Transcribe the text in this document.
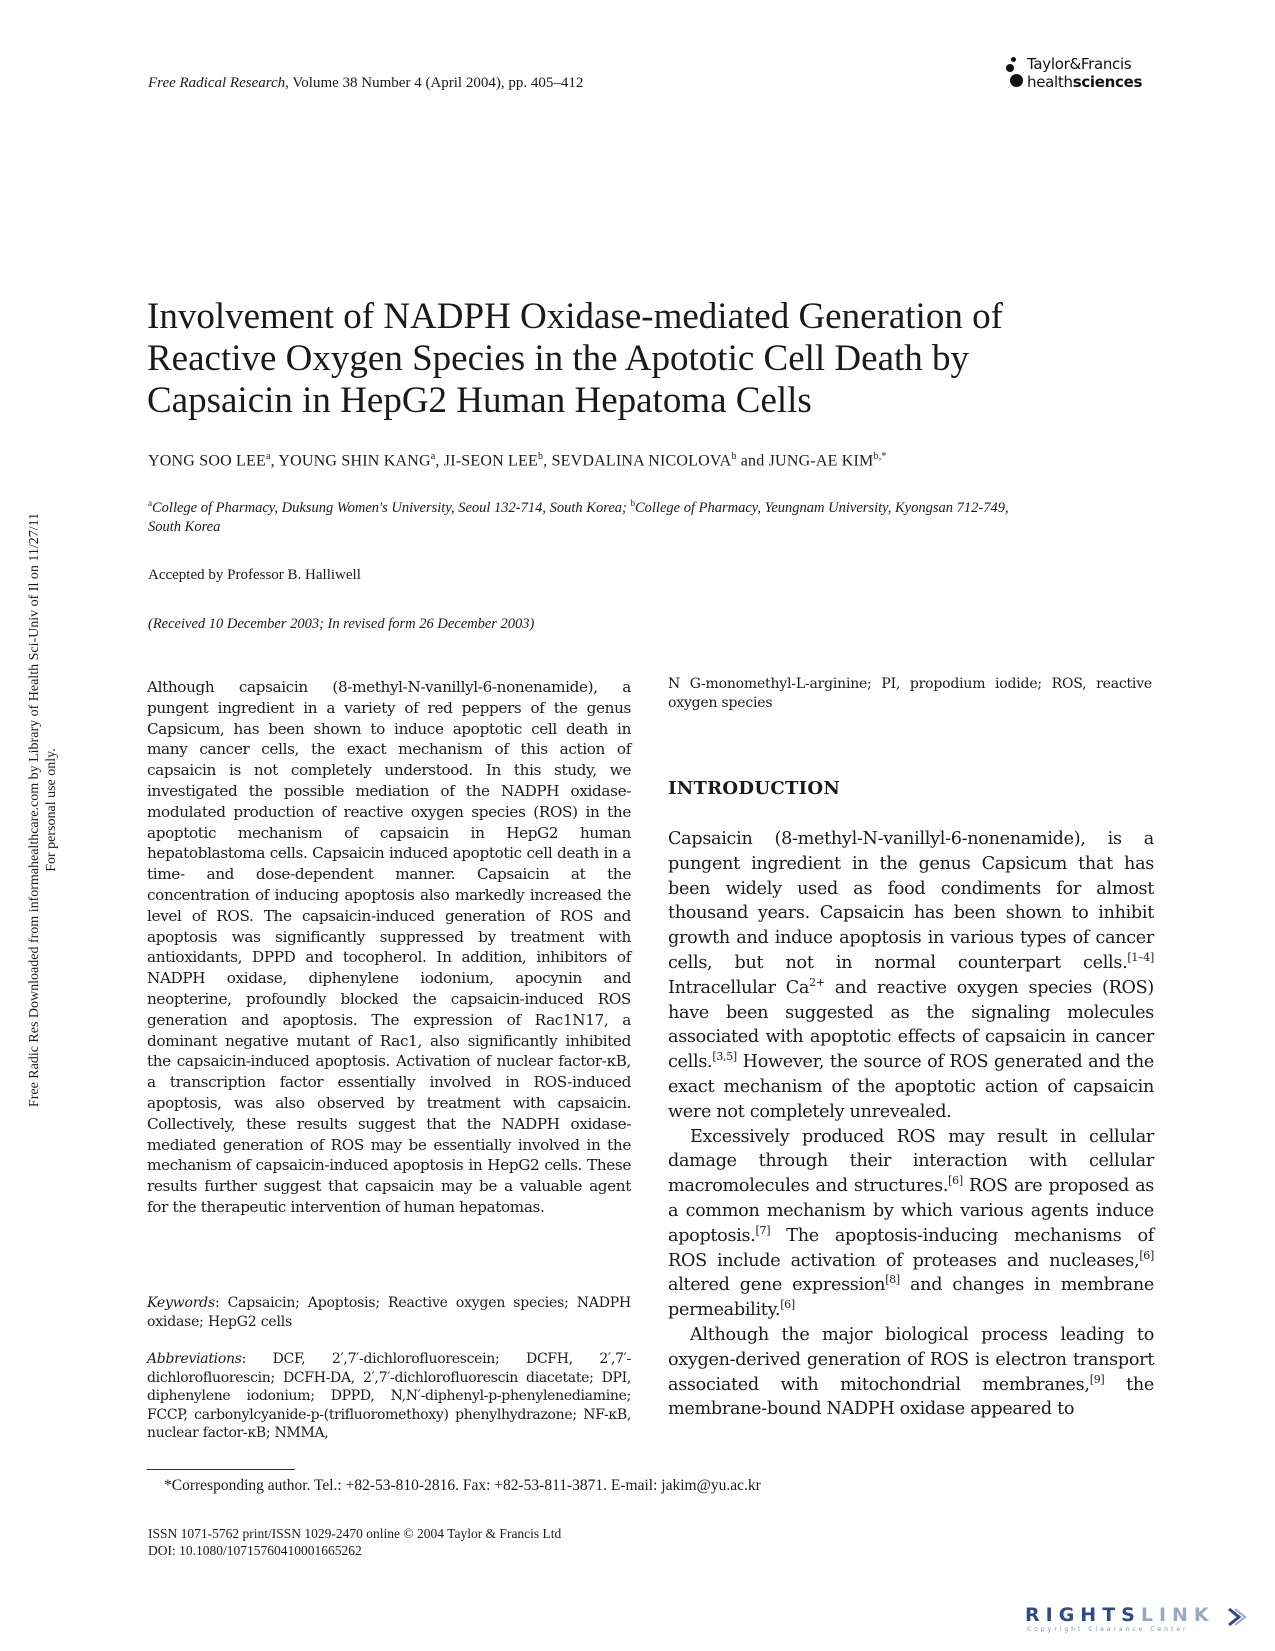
Free Radical Research, Volume 38 Number 4 (April 2004), pp. 405–412
Taylor&Francis
healthsciences
Involvement of NADPH Oxidase-mediated Generation of
Reactive Oxygen Species in the Apototic Cell Death by
Capsaicin in HepG2 Human Hepatoma Cells
YONG SOO LEE$^a$, YOUNG SHIN KANG$^a$, JI-SEON LEE$^b$, SEVDALINA NICOLOVA$^b$ and JUNG-AE $KIM^{b,*}$
$^a$College of Pharmacy, Duksung Women's University, Seoul 132-714, South Korea; $^b$College of Pharmacy, Yeungnam University, Kyongsan 712-749,
South Korea
Accepted by Professor B. Halliwell
(Received 10 December 2003; In revised form 26 December 2003)

Although capsaicin (8-methyl-N-vanillyl-6-nonenamide), a pungent ingredient in a variety of red peppers of the genus Capsicum, has been shown to induce apoptotic cell death in many cancer cells, the exact mechanism of this action of capsaicin is not completely understood. In this study, we investigated the possible mediation of the NADPH oxidase-modulated production of reactive oxygen species (ROS) in the apoptotic mechanism of capsaicin in HepG2 human hepatoblastoma cells. Capsaicin induced apoptotic cell death in a time- and dose-dependent manner. Capsaicin at the concentration of inducing apoptosis also markedly increased the level of ROS. The capsaicin-induced generation of ROS and apoptosis was significantly suppressed by treatment with antioxidants, DPPD and tocopherol. In addition, inhibitors of NADPH oxidase, diphenylene iodonium, apocynin and neopterine, profoundly blocked the capsaicin-induced ROS generation and apoptosis. The expression of Rac1N17, a dominant negative mutant of Rac1, also significantly inhibited the capsaicin-induced apoptosis. Activation of nuclear factor-κB, a transcription factor essentially involved in ROS-induced apoptosis, was also observed by treatment with capsaicin. Collectively, these results suggest that the NADPH oxidase-mediated generation of ROS may be essentially involved in the mechanism of capsaicin-induced apoptosis in HepG2 cells. These results further suggest that capsaicin may be a valuable agent for the therapeutic intervention of human hepatomas.

Keywords: Capsaicin; Apoptosis; Reactive oxygen species; NADPH oxidase; HepG2 cells
Abbreviations: DCF, 2′,7′-dichlorofluorescein; DCFH, 2′,7′-dichlorofluorescin; DCFH-DA, 2′,7′-dichlorofluorescin diacetate; DPI, diphenylene iodonium; DPPD, N,N′-diphenyl-p-phenylenediamine; FCCP, carbonylcyanide-p-(trifluoromethoxy) phenylhydrazone; NF-κB, nuclear factor-κB; NMMA,
N G-monomethyl-L-arginine; PI, propodium iodide; ROS, reactive oxygen species
INTRODUCTION

Capsaicin (8-methyl-N-vanillyl-6-nonenamide), is a pungent ingredient in the genus Capsicum that has been widely used as food condiments for almost thousand years. Capsaicin has been shown to inhibit growth and induce apoptosis in various types of cancer cells, but not in normal counterpart cells.[1–4] Intracellular $Ca^{2+}$ and reactive oxygen species (ROS) have been suggested as the signaling molecules associated with apoptotic effects of capsaicin in cancer cells.[3,5] However, the source of ROS generated and the exact mechanism of the apoptotic action of capsaicin were not completely unrevealed.

Excessively produced ROS may result in cellular damage through their interaction with cellular macromolecules and structures.[6] ROS are proposed as a common mechanism by which various agents induce apoptosis.[7] The apoptosis-inducing mechanisms of ROS include activation of proteases and nucleases,[6] altered gene expression[8] and changes in membrane permeability.[6]

Although the major biological process leading to oxygen-derived generation of ROS is electron transport associated with mitochondrial membranes,[9] the membrane-bound NADPH oxidase appeared to

*Corresponding author. Tel.: +82-53-810-2816. Fax: +82-53-811-3871. E-mail: jakim@yu.ac.kr
ISSN 1071-5762 print/ISSN 1029-2470 online © 2004 Taylor & Francis Ltd
DOI: 10.1080/10715760410001665262
Free Radic Res Downloaded from informahealthcare.com by Library of Health Sci-Univ of Il on 11/27/11 For personal use only.
RIGHTSLINK
Copyright Clearance Center
